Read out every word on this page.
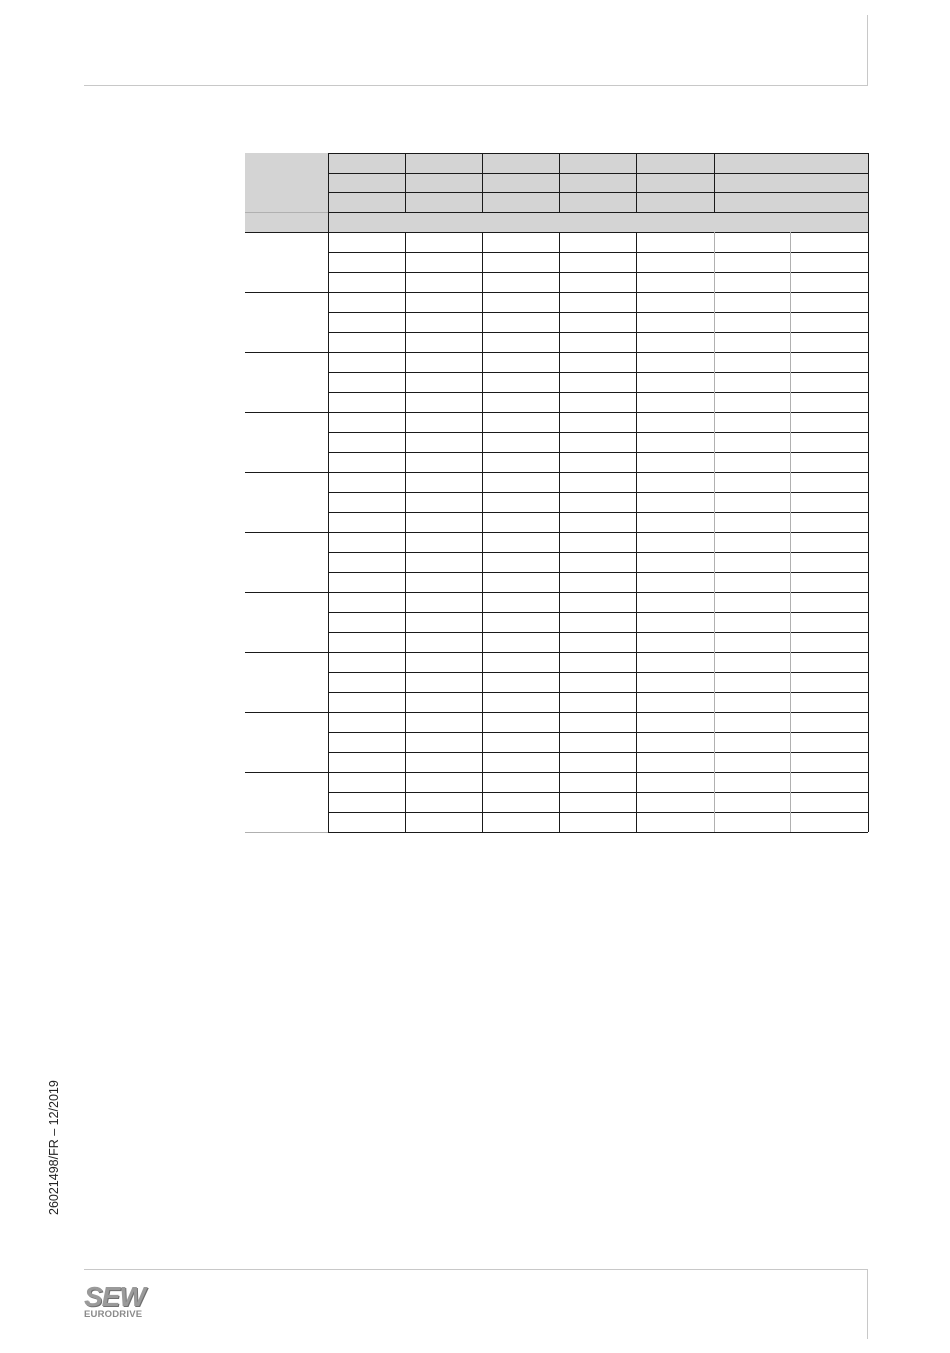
26021498/FR – 12/2019
SEW
EURODRIVE
